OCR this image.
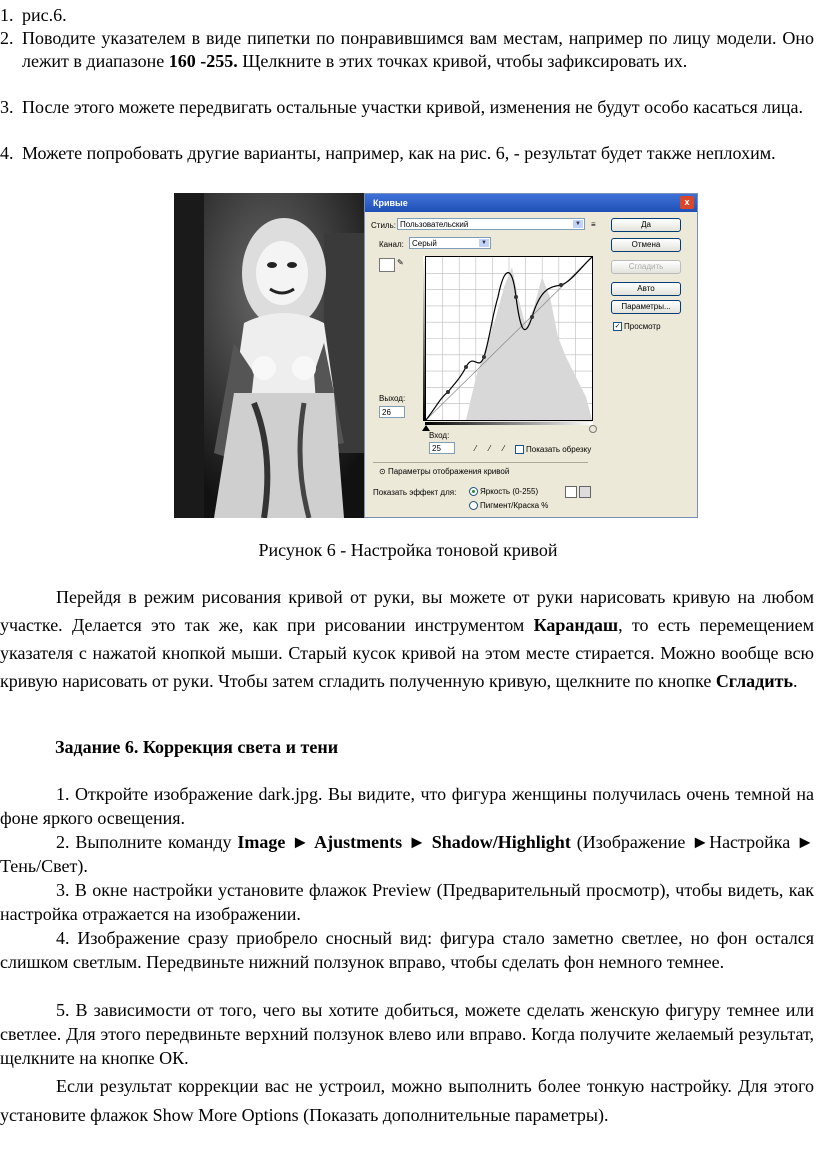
1. рис.6.
2. Поводите указателем в виде пипетки по понравившимся вам местам, например по лицу модели. Оно лежит в диапазоне 160 -255. Щелкните в этих точках кривой, чтобы зафиксировать их.
3. После этого можете передвигать остальные участки кривой, изменения не будут особо касаться лица.
4. Можете попробовать другие варианты, например, как на рис. 6, - результат будет также неплохим.
Кривые	x
Стиль: Пользовательский	▼ ≡
Канал:	Серый	▼
✎
Выход:
26
Вход:
25	⁄ ⁄ ⁄	Показать обрезку
⊙ Параметры отображения кривой
Показать эффект для:	Яркость (0-255)
Пигмент/Краска %
Да
Отмена
Сгладить
Авто
Параметры...
✓ Просмотр
Рисунок 6 - Настройка тоновой кривой
Перейдя в режим рисования кривой от руки, вы можете от руки нарисовать кривую на любом участке. Делается это так же, как при рисовании инструментом Карандаш, то есть перемещением указателя с нажатой кнопкой мыши. Старый кусок кривой на этом месте стирается. Можно вообще всю кривую нарисовать от руки. Чтобы затем сгладить полученную кривую, щелкните по кнопке Сгладить.
Задание 6. Коррекция света и тени
1. Откройте изображение dark.jpg. Вы видите, что фигура женщины получилась очень темной на фоне яркого освещения.
2. Выполните команду Image ► Ajustments ► Shadow/Highlight (Изображение ►Настройка ► Тень/Свет).
3. В окне настройки установите флажок Preview (Предварительный просмотр), чтобы видеть, как настройка отражается на изображении.
4. Изображение сразу приобрело сносный вид: фигура стало заметно светлее, но фон остался слишком светлым. Передвиньте нижний ползунок вправо, чтобы сделать фон немного темнее.
5. В зависимости от того, чего вы хотите добиться, можете сделать женскую фигуру темнее или светлее. Для этого передвиньте верхний ползунок влево или вправо. Когда получите желаемый результат, щелкните на кнопке ОК.
Если результат коррекции вас не устроил, можно выполнить более тонкую настройку. Для этого установите флажок Show More Options (Показать дополнительные параметры).
